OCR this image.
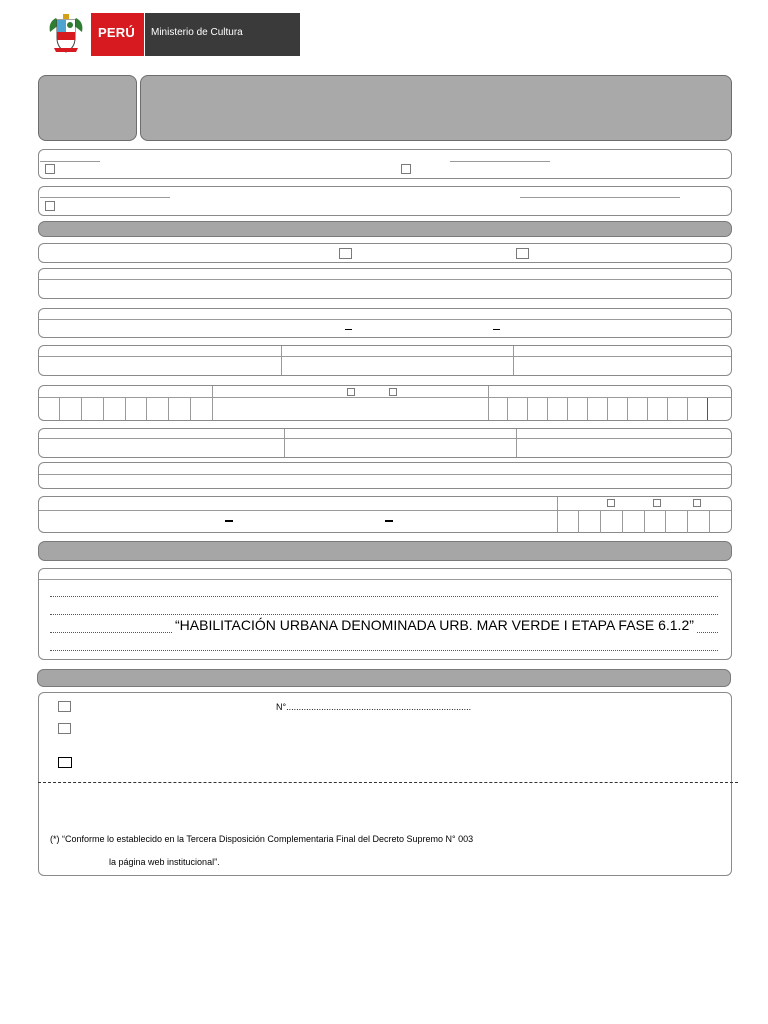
PERÚ Ministerio de Cultura
“HABILITACIÓN URBANA DENOMINADA URB. MAR VERDE I ETAPA FASE 6.1.2”
N°..........................................................................
(*) “Conforme lo establecido en la Tercera Disposición Complementaria Final del Decreto Supremo N° 003
la página web institucional”.
